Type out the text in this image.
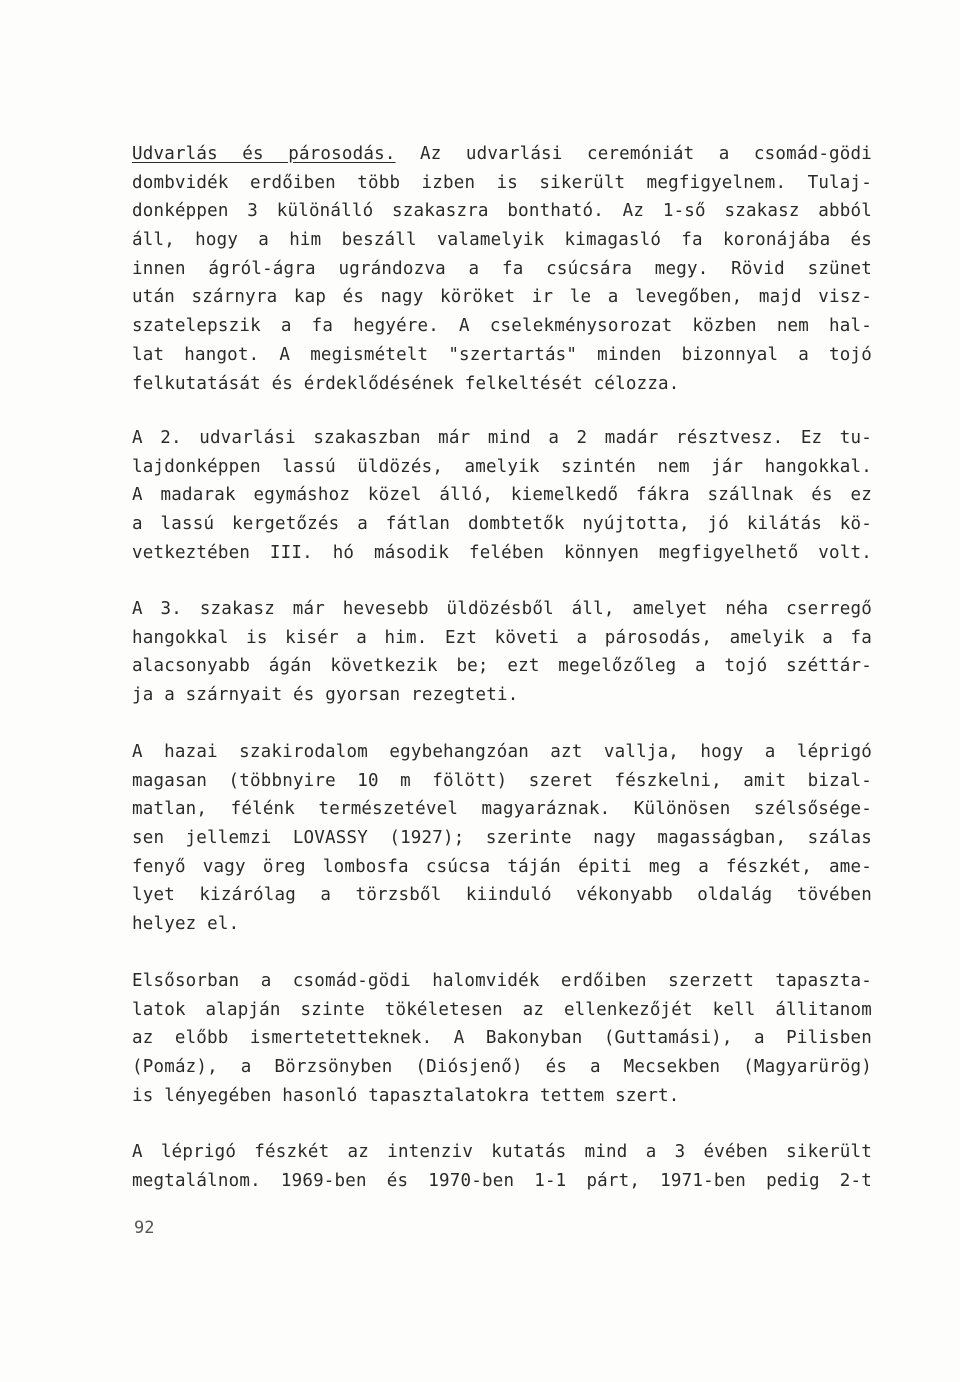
Udvarlás és párosodás. Az udvarlási ceremóniát a csomád-gödi
dombvidék erdőiben több izben is sikerült megfigyelnem. Tulaj-
donképpen 3 különálló szakaszra bontható. Az 1-ső szakasz abból
áll, hogy a him beszáll valamelyik kimagasló fa koronájába és
innen ágról-ágra ugrándozva a fa csúcsára megy. Rövid szünet
után szárnyra kap és nagy köröket ir le a levegőben, majd visz-
szatelepszik a fa hegyére. A cselekménysorozat közben nem hal-
lat hangot. A megismételt "szertartás" minden bizonnyal a tojó
felkutatását és érdeklődésének felkeltését célozza.
A 2. udvarlási szakaszban már mind a 2 madár résztvesz. Ez tu-
lajdonképpen lassú üldözés, amelyik szintén nem jár hangokkal.
A madarak egymáshoz közel álló, kiemelkedő fákra szállnak és ez
a lassú kergetőzés a fátlan dombtetők nyújtotta, jó kilátás kö-
vetkeztében III. hó második felében könnyen megfigyelhető volt.
A 3. szakasz már hevesebb üldözésből áll, amelyet néha cserregő
hangokkal is kisér a him. Ezt követi a párosodás, amelyik a fa
alacsonyabb ágán következik be; ezt megelőzőleg a tojó széttár-
ja a szárnyait és gyorsan rezegteti.
A hazai szakirodalom egybehangzóan azt vallja, hogy a léprigó
magasan (többnyire 10 m fölött) szeret fészkelni, amit bizal-
matlan, félénk természetével magyaráznak. Különösen szélsősége-
sen jellemzi LOVASSY (1927); szerinte nagy magasságban, szálas
fenyő vagy öreg lombosfa csúcsa táján épiti meg a fészkét, ame-
lyet kizárólag a törzsből kiinduló vékonyabb oldalág tövében
helyez el.
Elsősorban a csomád-gödi halomvidék erdőiben szerzett tapaszta-
latok alapján szinte tökéletesen az ellenkezőjét kell állitanom
az előbb ismertetetteknek. A Bakonyban (Guttamási), a Pilisben
(Pomáz), a Börzsönyben (Diósjenő) és a Mecsekben (Magyarürög)
is lényegében hasonló tapasztalatokra tettem szert.
A léprigó fészkét az intenziv kutatás mind a 3 évében sikerült
megtalálnom. 1969-ben és 1970-ben 1-1 párt, 1971-ben pedig 2-t
92
